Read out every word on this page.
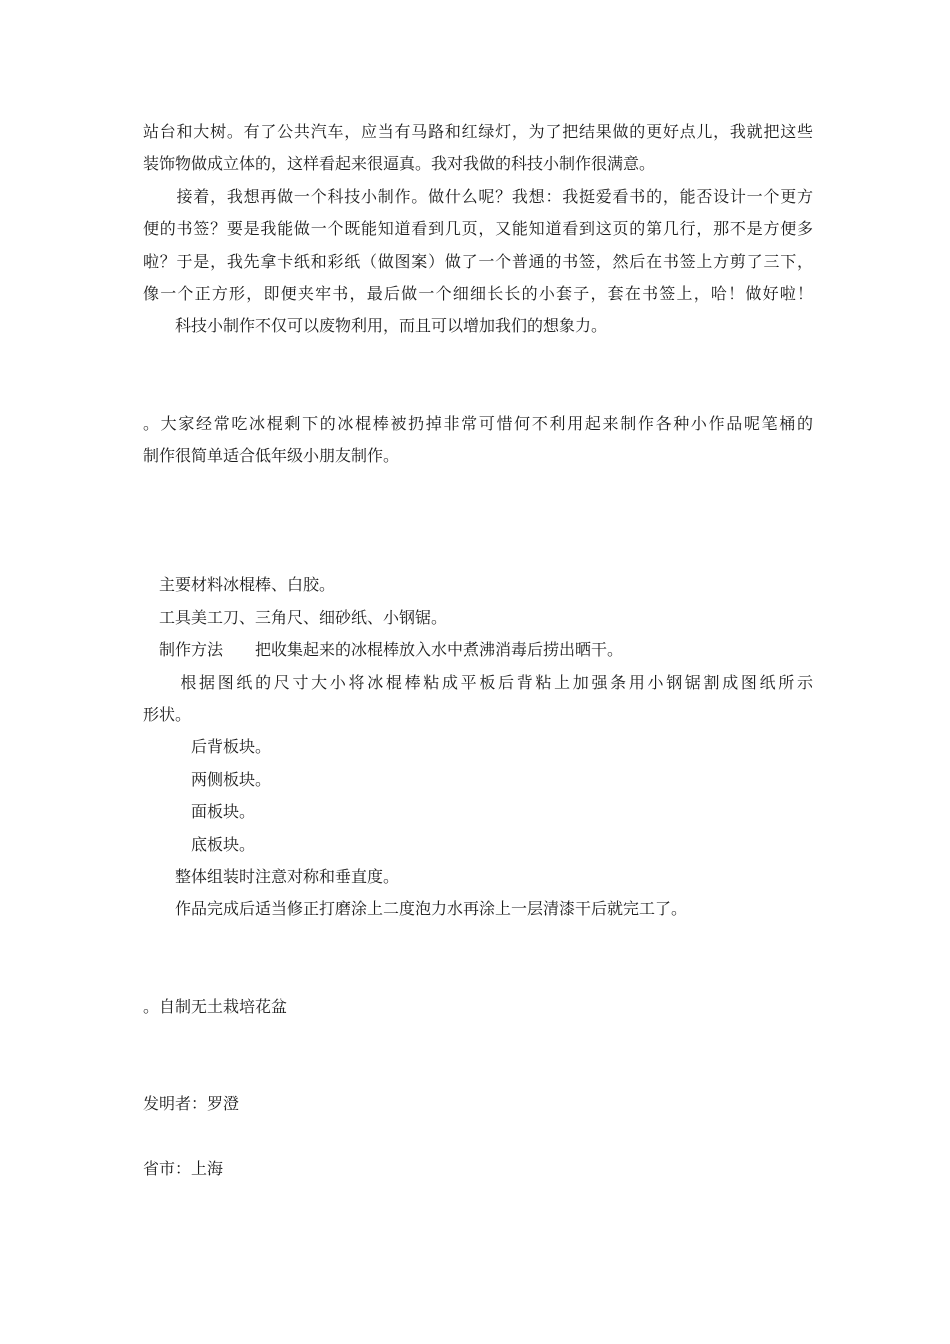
站台和大树。有了公共汽车，应当有马路和红绿灯，为了把结果做的更好点儿，我就把这些
装饰物做成立体的，这样看起来很逼真。我对我做的科技小制作很满意。
　　接着，我想再做一个科技小制作。做什么呢？我想：我挺爱看书的，能否设计一个更方
便的书签？要是我能做一个既能知道看到几页，又能知道看到这页的第几行，那不是方便多
啦？于是，我先拿卡纸和彩纸（做图案）做了一个普通的书签，然后在书签上方剪了三下，
像一个正方形，即便夹牢书，最后做一个细细长长的小套子，套在书签上，哈！做好啦！
　　科技小制作不仅可以废物利用，而且可以增加我们的想象力。
。大家经常吃冰棍剩下的冰棍棒被扔掉非常可惜何不利用起来制作各种小作品呢笔桶的
制作很简单适合低年级小朋友制作。
　主要材料冰棍棒、白胶。
　工具美工刀、三角尺、细砂纸、小钢锯。
　制作方法　　把收集起来的冰棍棒放入水中煮沸消毒后捞出晒干。
　　根据图纸的尺寸大小将冰棍棒粘成平板后背粘上加强条用小钢锯割成图纸所示
形状。
　　　后背板块。
　　　两侧板块。
　　　面板块。
　　　底板块。
　　整体组装时注意对称和垂直度。
　　作品完成后适当修正打磨涂上二度泡力水再涂上一层清漆干后就完工了。
。自制无土栽培花盆
发明者：罗澄
省市：上海
